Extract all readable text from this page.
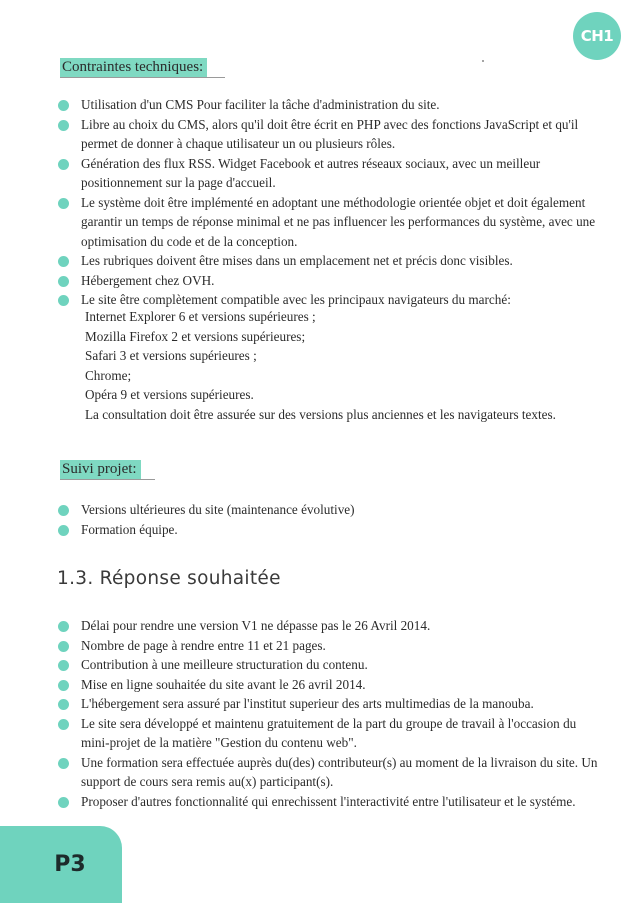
CH1
Contraintes techniques:
Utilisation d'un CMS Pour faciliter la tâche d'administration du site.
Libre au choix du CMS, alors qu'il doit être écrit en PHP avec des fonctions JavaScript et qu'il permet de donner à chaque utilisateur un ou plusieurs rôles.
Génération des flux RSS. Widget Facebook et autres réseaux sociaux, avec un meilleur positionnement sur la page d'accueil.
Le système doit être implémenté en adoptant une méthodologie orientée objet et doit également garantir un temps de réponse minimal et ne pas influencer les performances du système, avec une optimisation du code et de la conception.
Les rubriques doivent être mises dans un emplacement net et précis donc visibles.
Hébergement chez OVH.
Le site être complètement compatible avec les principaux navigateurs du marché:
Internet Explorer 6 et versions supérieures ;
Mozilla Firefox 2 et versions supérieures;
Safari 3 et versions supérieures ;
Chrome;
Opéra 9 et versions supérieures.
La consultation doit être assurée sur des versions plus anciennes et les navigateurs textes.
Suivi projet:
Versions ultérieures du site (maintenance évolutive)
Formation équipe.
1.3. Réponse souhaitée
Délai pour rendre une version V1 ne dépasse pas le 26 Avril 2014.
Nombre de page à rendre entre 11 et 21 pages.
Contribution à une meilleure structuration du contenu.
Mise en ligne souhaitée du site avant le 26 avril 2014.
L'hébergement sera assuré par l'institut superieur des arts multimedias de la manouba.
Le site sera développé et maintenu gratuitement de la part du groupe de travail à l'occasion du mini-projet de la matière "Gestion du contenu web".
Une formation sera effectuée auprès du(des) contributeur(s) au moment de la livraison du site. Un support de cours sera remis au(x) participant(s).
Proposer d'autres fonctionnalité qui enrechissent l'interactivité entre l'utilisateur et le systéme.
P3
